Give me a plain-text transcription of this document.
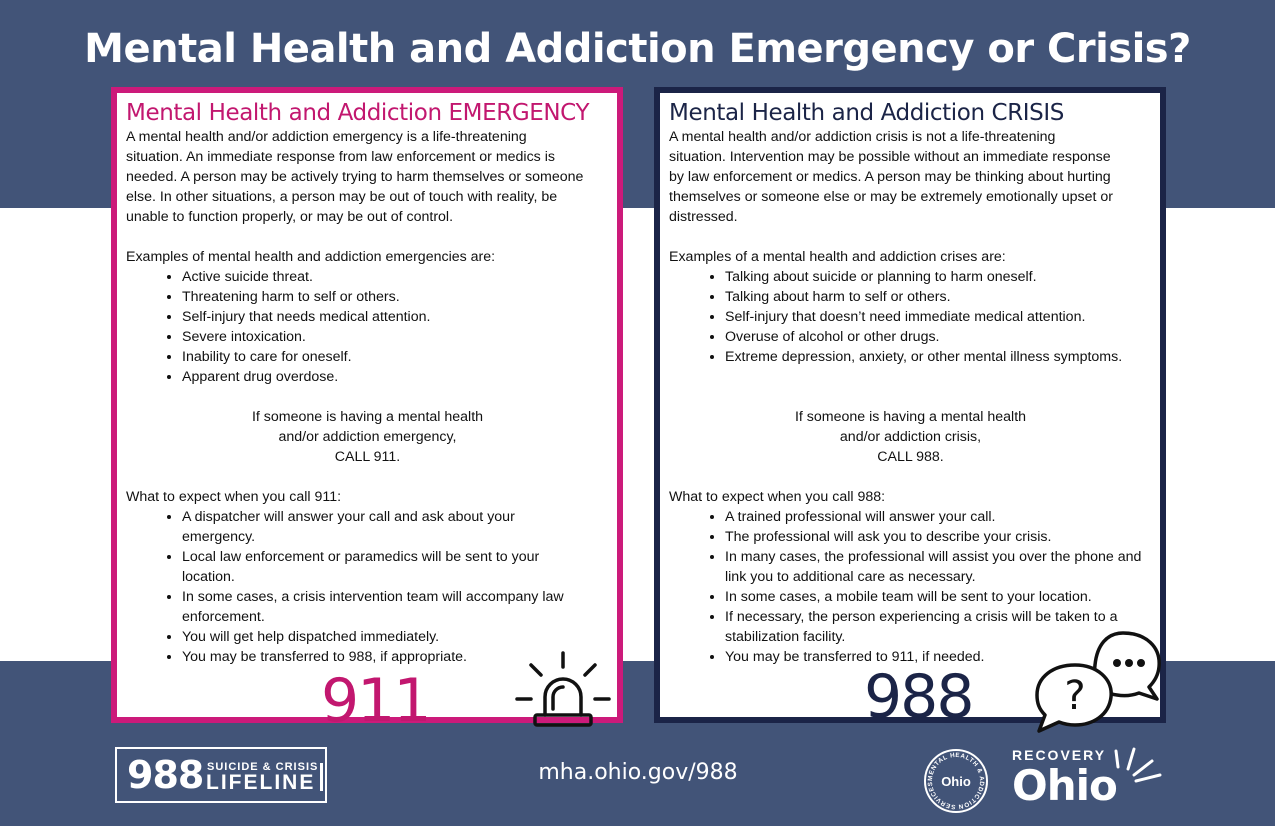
Mental Health and Addiction Emergency or Crisis?
Mental Health and Addiction EMERGENCY

A mental health and/or addiction emergency is a life-threatening
situation. An immediate response from law enforcement or medics is
needed. A person may be actively trying to harm themselves or someone
else. In other situations, a person may be out of touch with reality, be
unable to function properly, or may be out of control.

Examples of mental health and addiction emergencies are:

• Active suicide threat.
• Threatening harm to self or others.
• Self-injury that needs medical attention.
• Severe intoxication.
• Inability to care for oneself.
• Apparent drug overdose.

If someone is having a mental health
and/or addiction emergency,
CALL 911.

What to expect when you call 911:

• A dispatcher will answer your call and ask about your emergency.
• Local law enforcement or paramedics will be sent to your location.
• In some cases, a crisis intervention team will accompany law enforcement.
• You will get help dispatched immediately.
• You may be transferred to 988, if appropriate.
911
Mental Health and Addiction CRISIS

A mental health and/or addiction crisis is not a life-threatening
situation. Intervention may be possible without an immediate response
by law enforcement or medics. A person may be thinking about hurting
themselves or someone else or may be extremely emotionally upset or
distressed.

Examples of a mental health and addiction crises are:

• Talking about suicide or planning to harm oneself.
• Talking about harm to self or others.
• Self-injury that doesn’t need immediate medical attention.
• Overuse of alcohol or other drugs.
• Extreme depression, anxiety, or other mental illness symptoms.

If someone is having a mental health
and/or addiction crisis,
CALL 988.

What to expect when you call 988:

• A trained professional will answer your call.
• The professional will ask you to describe your crisis.
• In many cases, the professional will assist you over the phone and link you to additional care as necessary.
• In some cases, a mobile team will be sent to your location.
• If necessary, the person experiencing a crisis will be taken to a stabilization facility.
• You may be transferred to 911, if needed.
988 ?
988 SUICIDE & CRISIS
LIFELINE	mha.ohio.gov/988	MENTAL HEALTH & ADDICTION SERVICES Ohio
RECOVERY
Ohio
